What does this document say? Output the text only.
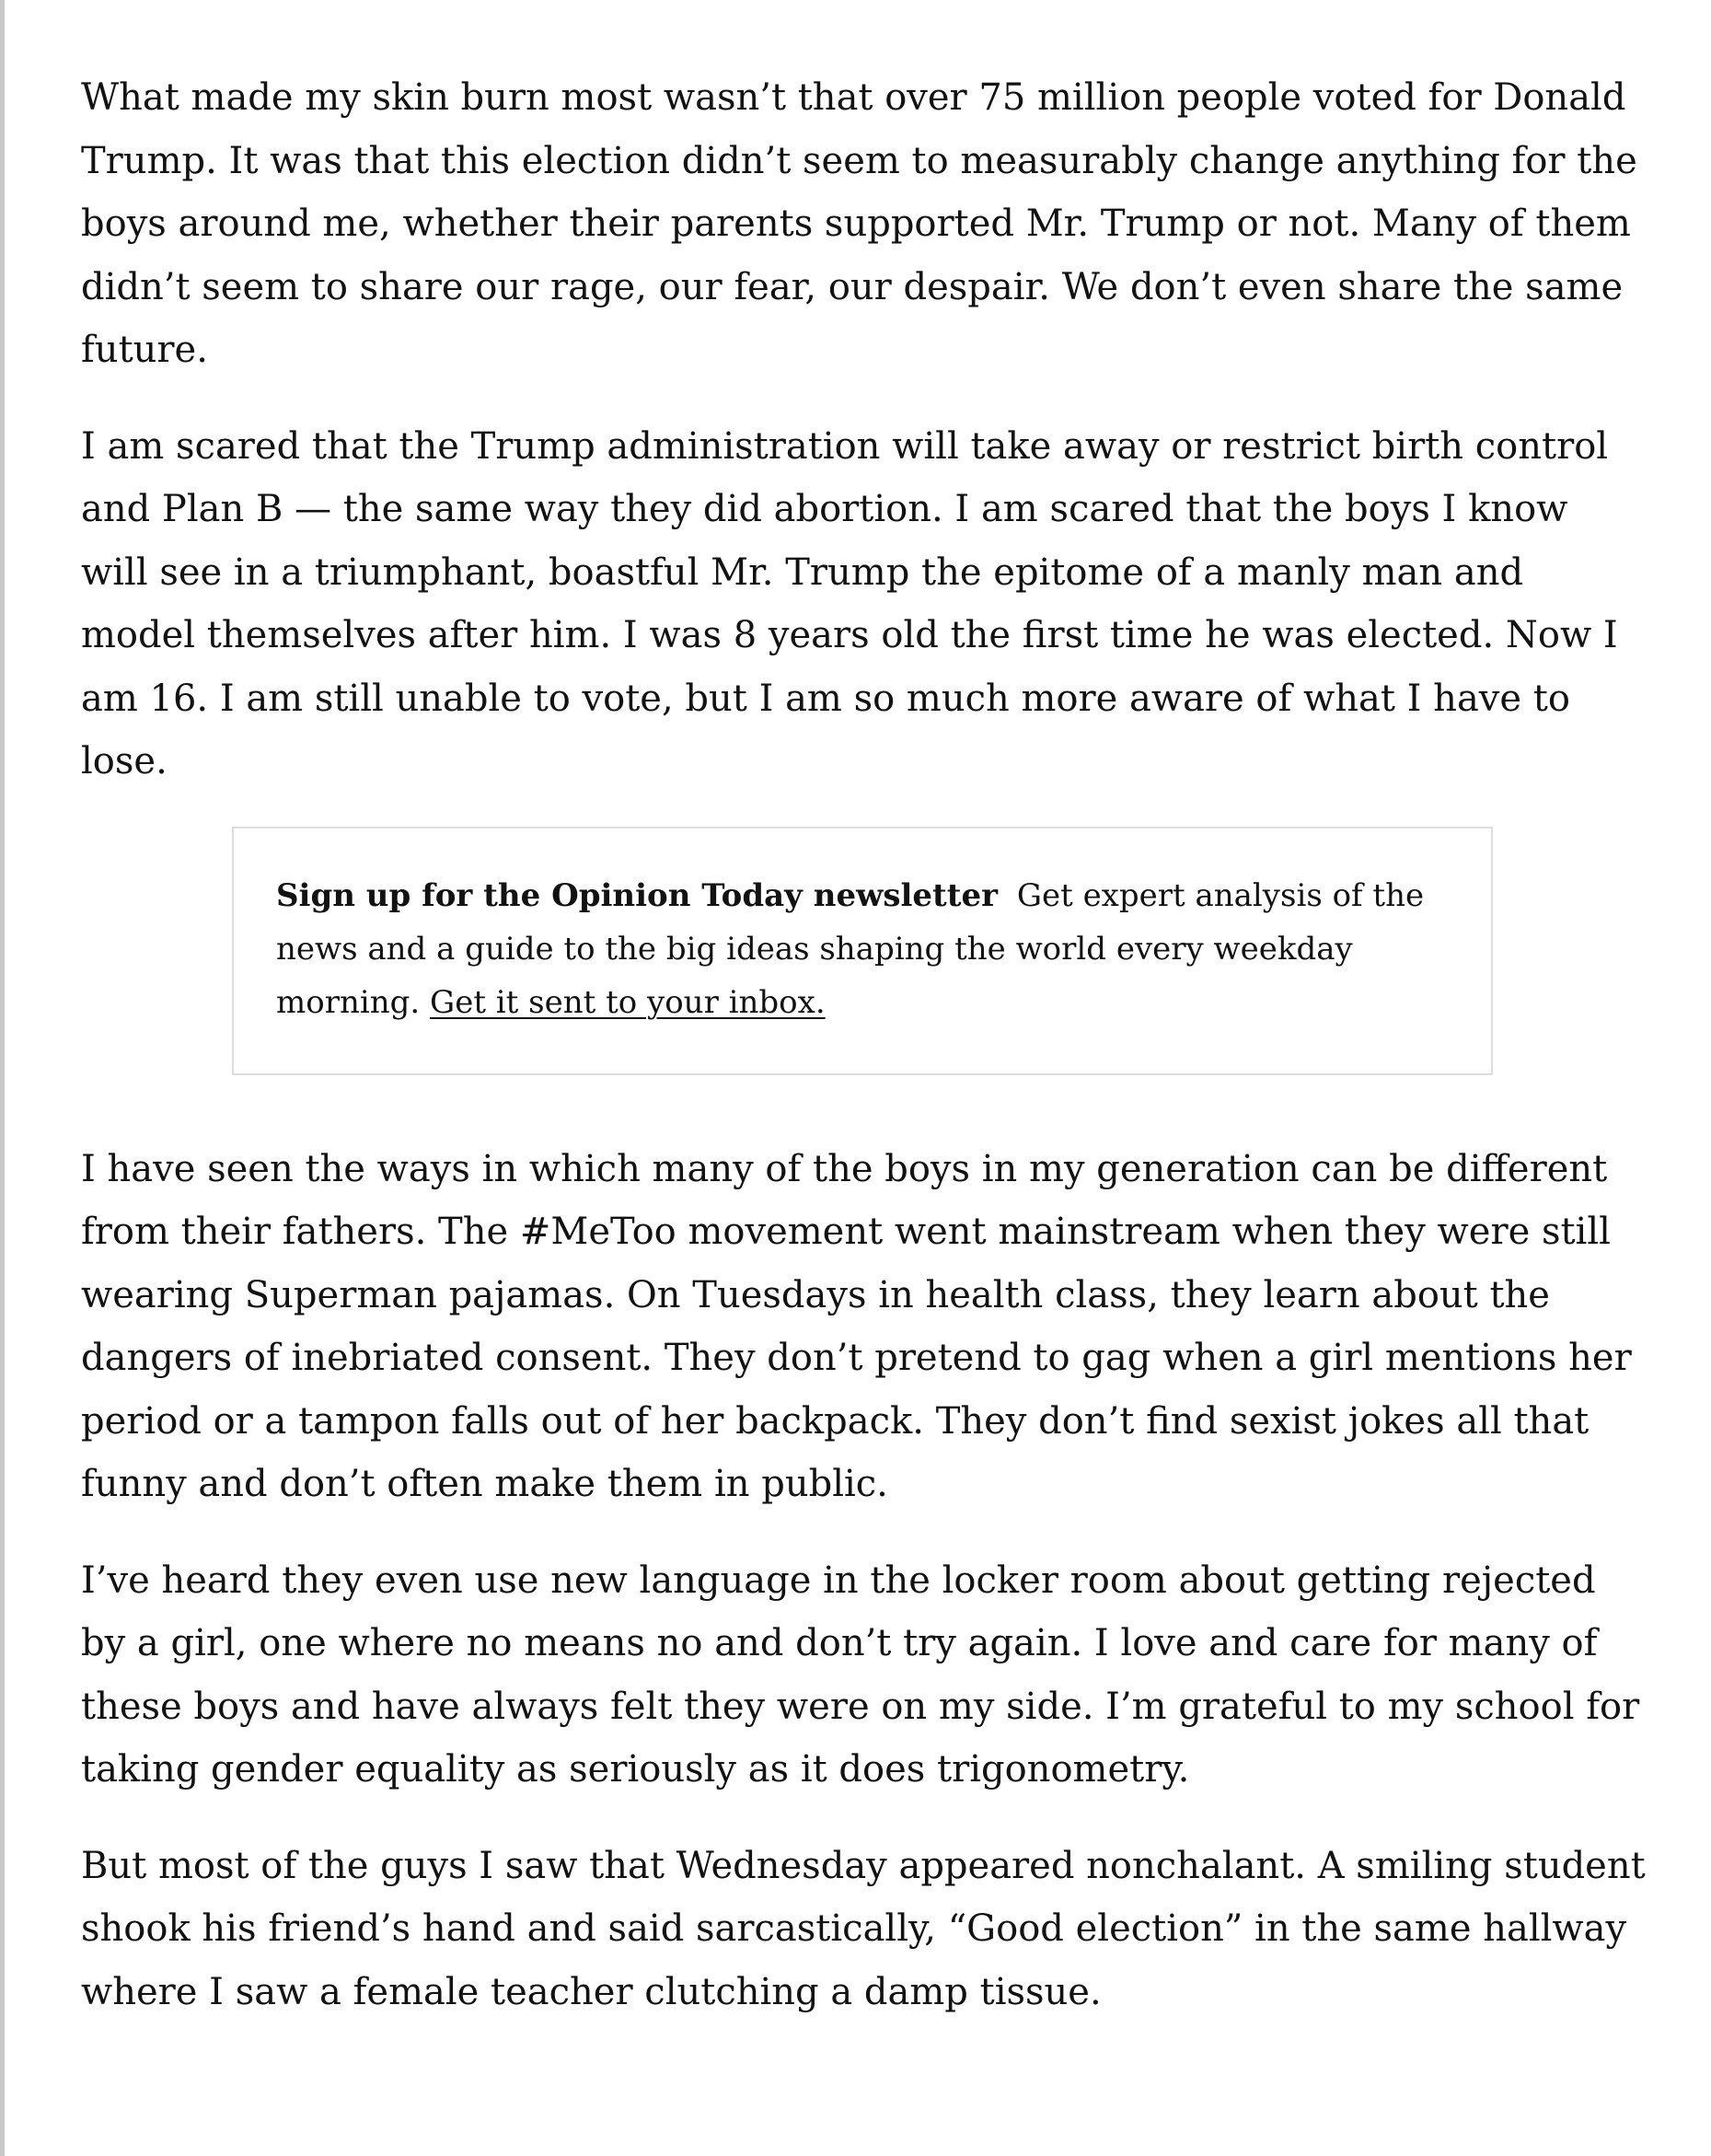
What made my skin burn most wasn’t that over 75 million people voted for Donald Trump. It was that this election didn’t seem to measurably change anything for the boys around me, whether their parents supported Mr. Trump or not. Many of them didn’t seem to share our rage, our fear, our despair. We don’t even share the same future.

I am scared that the Trump administration will take away or restrict birth control and Plan B — the same way they did abortion. I am scared that the boys I know will see in a triumphant, boastful Mr. Trump the epitome of a manly man and model themselves after him. I was 8 years old the first time he was elected. Now I am 16. I am still unable to vote, but I am so much more aware of what I have to lose.

Sign up for the Opinion Today newsletter Get expert analysis of the news and a guide to the big ideas shaping the world every weekday morning. Get it sent to your inbox.

I have seen the ways in which many of the boys in my generation can be different from their fathers. The #MeToo movement went mainstream when they were still wearing Superman pajamas. On Tuesdays in health class, they learn about the dangers of inebriated consent. They don’t pretend to gag when a girl mentions her period or a tampon falls out of her backpack. They don’t find sexist jokes all that funny and don’t often make them in public.

I’ve heard they even use new language in the locker room about getting rejected by a girl, one where no means no and don’t try again. I love and care for many of these boys and have always felt they were on my side. I’m grateful to my school for taking gender equality as seriously as it does trigonometry.

But most of the guys I saw that Wednesday appeared nonchalant. A smiling student shook his friend’s hand and said sarcastically, “Good election” in the same hallway where I saw a female teacher clutching a damp tissue.
